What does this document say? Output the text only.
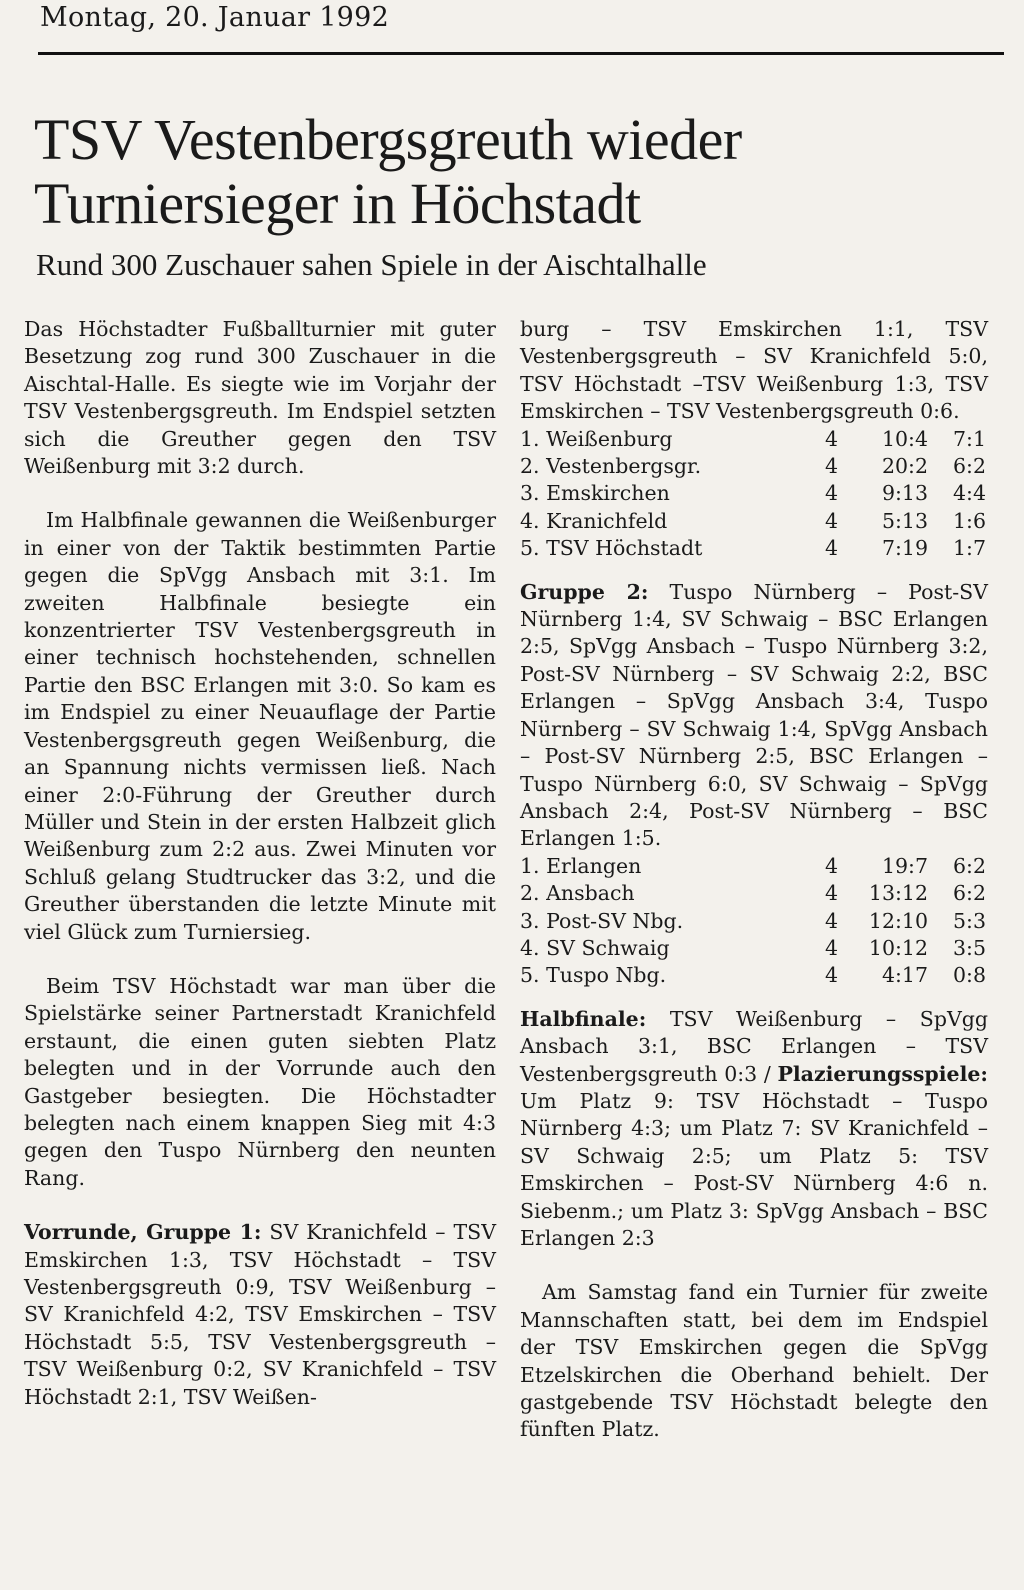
Montag, 20. Januar 1992
TSV Vestenbergsgreuth wieder Turniersieger in Höchstadt
Rund 300 Zuschauer sahen Spiele in der Aischtalhalle

Das Höchstadter Fußballturnier mit guter Besetzung zog rund 300 Zuschauer in die Aischtal-Halle. Es siegte wie im Vorjahr der TSV Vestenbergsgreuth. Im Endspiel setzten sich die Greuther gegen den TSV Weißenburg mit 3:2 durch.

Im Halbfinale gewannen die Weißenburger in einer von der Taktik bestimmten Partie gegen die SpVgg Ansbach mit 3:1. Im zweiten Halbfinale besiegte ein konzentrierter TSV Vestenbergsgreuth in einer technisch hochstehenden, schnellen Partie den BSC Erlangen mit 3:0. So kam es im Endspiel zu einer Neuauflage der Partie Vestenbergsgreuth gegen Weißenburg, die an Spannung nichts vermissen ließ. Nach einer 2:0-Führung der Greuther durch Müller und Stein in der ersten Halbzeit glich Weißenburg zum 2:2 aus. Zwei Minuten vor Schluß gelang Studtrucker das 3:2, und die Greuther überstanden die letzte Minute mit viel Glück zum Turniersieg.

Beim TSV Höchstadt war man über die Spielstärke seiner Partnerstadt Kranichfeld erstaunt, die einen guten siebten Platz belegten und in der Vorrunde auch den Gastgeber besiegten. Die Höchstadter belegten nach einem knappen Sieg mit 4:3 gegen den Tuspo Nürnberg den neunten Rang.

Vorrunde, Gruppe 1: SV Kranichfeld – TSV Emskirchen 1:3, TSV Höchstadt – TSV Vestenbergsgreuth 0:9, TSV Weißenburg – SV Kranichfeld 4:2, TSV Emskirchen – TSV Höchstadt 5:5, TSV Vestenbergsgreuth – TSV Weißenburg 0:2, SV Kranichfeld – TSV Höchstadt 2:1, TSV Weißen-

burg – TSV Emskirchen 1:1, TSV Vestenbergsgreuth – SV Kranichfeld 5:0, TSV Höchstadt –TSV Weißenburg 1:3, TSV Emskirchen – TSV Vestenbergsgreuth 0:6.

1. Weißenburg	4	10:4	7:1
2. Vestenbergsgr.	4	20:2	6:2
3. Emskirchen	4	9:13	4:4
4. Kranichfeld	4	5:13	1:6
5. TSV Höchstadt	4	7:19	1:7

Gruppe 2: Tuspo Nürnberg – Post-SV Nürnberg 1:4, SV Schwaig – BSC Erlangen 2:5, SpVgg Ansbach – Tuspo Nürnberg 3:2, Post-SV Nürnberg – SV Schwaig 2:2, BSC Erlangen – SpVgg Ansbach 3:4, Tuspo Nürnberg – SV Schwaig 1:4, SpVgg Ansbach – Post-SV Nürnberg 2:5, BSC Erlangen – Tuspo Nürnberg 6:0, SV Schwaig – SpVgg Ansbach 2:4, Post-SV Nürnberg – BSC Erlangen 1:5.

1. Erlangen	4	19:7	6:2
2. Ansbach	4	13:12	6:2
3. Post-SV Nbg.	4	12:10	5:3
4. SV Schwaig	4	10:12	3:5
5. Tuspo Nbg.	4	4:17	0:8

Halbfinale: TSV Weißenburg – SpVgg Ansbach 3:1, BSC Erlangen – TSV Vestenbergsgreuth 0:3 / Plazierungsspiele: Um Platz 9: TSV Höchstadt – Tuspo Nürnberg 4:3; um Platz 7: SV Kranichfeld – SV Schwaig 2:5; um Platz 5: TSV Emskirchen – Post-SV Nürnberg 4:6 n. Siebenm.; um Platz 3: SpVgg Ansbach – BSC Erlangen 2:3

Am Samstag fand ein Turnier für zweite Mannschaften statt, bei dem im Endspiel der TSV Emskirchen gegen die SpVgg Etzelskirchen die Oberhand behielt. Der gastgebende TSV Höchstadt belegte den fünften Platz.
